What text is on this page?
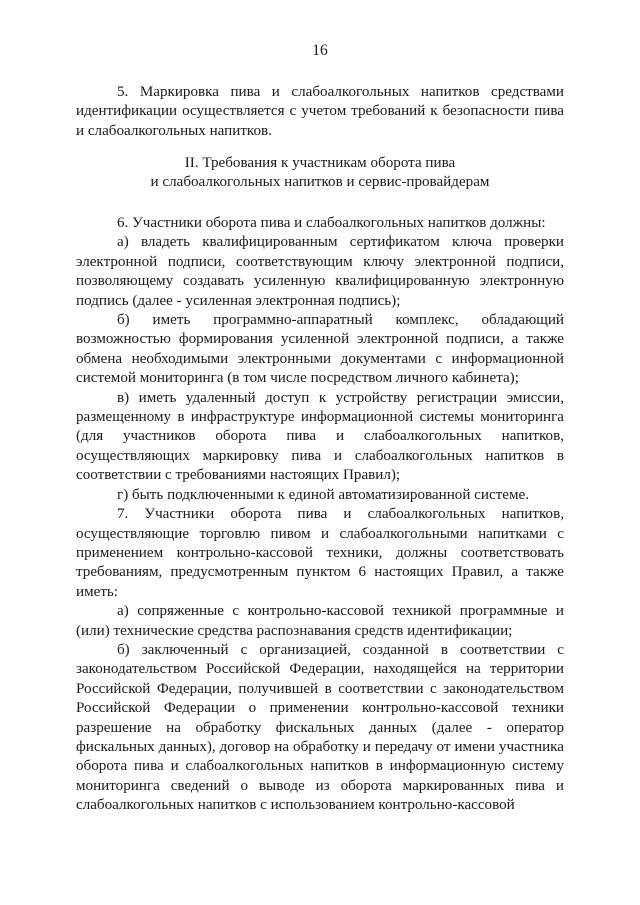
16

5. Маркировка пива и слабоалкогольных напитков средствами идентификации осуществляется с учетом требований к безопасности пива и слабоалкогольных напитков.

II. Требования к участникам оборота пива
и слабоалкогольных напитков и сервис-провайдерам

6. Участники оборота пива и слабоалкогольных напитков должны:

а) владеть квалифицированным сертификатом ключа проверки электронной подписи, соответствующим ключу электронной подписи, позволяющему создавать усиленную квалифицированную электронную подпись (далее - усиленная электронная подпись);

б) иметь программно-аппаратный комплекс, обладающий возможностью формирования усиленной электронной подписи, а также обмена необходимыми электронными документами с информационной системой мониторинга (в том числе посредством личного кабинета);

в) иметь удаленный доступ к устройству регистрации эмиссии, размещенному в инфраструктуре информационной системы мониторинга (для участников оборота пива и слабоалкогольных напитков, осуществляющих маркировку пива и слабоалкогольных напитков в соответствии с требованиями настоящих Правил);

г) быть подключенными к единой автоматизированной системе.

7. Участники оборота пива и слабоалкогольных напитков, осуществляющие торговлю пивом и слабоалкогольными напитками с применением контрольно-кассовой техники, должны соответствовать требованиям, предусмотренным пунктом 6 настоящих Правил, а также иметь:

а) сопряженные с контрольно-кассовой техникой программные и (или) технические средства распознавания средств идентификации;

б) заключенный с организацией, созданной в соответствии с законодательством Российской Федерации, находящейся на территории Российской Федерации, получившей в соответствии с законодательством Российской Федерации о применении контрольно-кассовой техники разрешение на обработку фискальных данных (далее - оператор фискальных данных), договор на обработку и передачу от имени участника оборота пива и слабоалкогольных напитков в информационную систему мониторинга сведений о выводе из оборота маркированных пива и слабоалкогольных напитков с использованием контрольно-кассовой
